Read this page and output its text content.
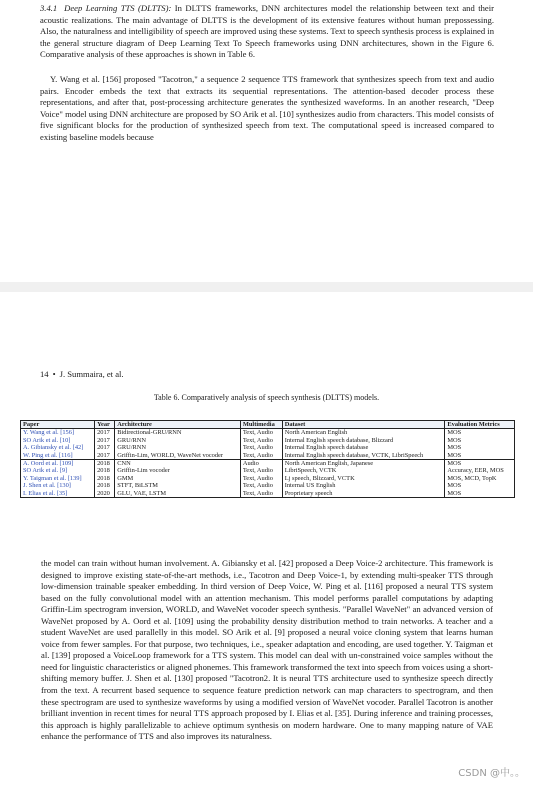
3.4.1 Deep Learning TTS (DLTTS): In DLTTS frameworks, DNN architectures model the relationship between text and their acoustic realizations. The main advantage of DLTTS is the development of its extensive features without human prepossessing. Also, the naturalness and intelligibility of speech are improved using these systems. Text to speech synthesis process is explained in the general structure diagram of Deep Learning Text To Speech frameworks using DNN architectures, shown in the Figure 6. Comparative analysis of these approaches is shown in Table 6.

Y. Wang et al. [156] proposed "Tacotron," a sequence 2 sequence TTS framework that synthesizes speech from text and audio pairs. Encoder embeds the text that extracts its sequential representations. The attention-based decoder process these representations, and after that, post-processing architecture generates the synthesized waveforms. In an another research, "Deep Voice" model using DNN architecture are proposed by SO Arik et al. [10] synthesizes audio from characters. This model consists of five significant blocks for the production of synthesized speech from text. The computational speed is increased compared to existing baseline models because

14 • J. Summaira, et al.
Table 6. Comparatively analysis of speech synthesis (DLTTS) models.
Paper	Year	Architecture	Multimedia	Dataset	Evaluation Metrics
Y. Wang et al. [156]	2017	Bidirectional-GRU/RNN	Text, Audio	North American English	MOS
SO Arik et al. [10]	2017	GRU/RNN	Text, Audio	Internal English speech database, Blizzard	MOS
A. Gibiansky et al. [42]	2017	GRU/RNN	Text, Audio	Internal English speech database	MOS
W. Ping et al. [116]	2017	Griffin-Lim, WORLD, WaveNet vocoder	Text, Audio	Internal English speech database, VCTK, LibriSpeech	MOS
A. Oord et al. [109]	2018	CNN	Audio	North American English, Japanese	MOS
SO Arik et al. [9]	2018	Griffin-Lim vocoder	Text, Audio	LibriSpeech, VCTK	Accuracy, EER, MOS
Y. Taigman et al. [139]	2018	GMM	Text, Audio	Lj speech, Blizzard, VCTK	MOS, MCD, TopK
J. Shen et al. [130]	2018	STFT, BiLSTM	Text, Audio	Internal US English	MOS
I. Elias et al. [35]	2020	GLU, VAE, LSTM	Text, Audio	Proprietary speech	MOS

the model can train without human involvement. A. Gibiansky et al. [42] proposed a Deep Voice-2 architecture. This framework is designed to improve existing state-of-the-art methods, i.e., Tacotron and Deep Voice-1, by extending multi-speaker TTS through low-dimension trainable speaker embedding. In third version of Deep Voice, W. Ping et al. [116] proposed a neural TTS system based on the fully convolutional model with an attention mechanism. This model performs parallel computations by adapting Griffin-Lim spectrogram inversion, WORLD, and WaveNet vocoder speech synthesis. "Parallel WaveNet" an advanced version of WaveNet proposed by A. Oord et al. [109] using the probability density distribution method to train networks. A teacher and a student WaveNet are used parallelly in this model. SO Arik et al. [9] proposed a neural voice cloning system that learns human voice from fewer samples. For that purpose, two techniques, i.e., speaker adaptation and encoding, are used together. Y. Taigman et al. [139] proposed a VoiceLoop framework for a TTS system. This model can deal with un-constrained voice samples without the need for linguistic characteristics or aligned phonemes. This framework transformed the text into speech from voices using a short-shifting memory buffer. J. Shen et al. [130] proposed "Tacotron2. It is neural TTS architecture used to synthesize speech directly from the text. A recurrent based sequence to sequence feature prediction network can map characters to spectrogram, and then these spectrogram are used to synthesize waveforms by using a modified version of WaveNet vocoder. Parallel Tacotron is another brilliant invention in recent times for neural TTS approach proposed by I. Elias et al. [35]. During inference and training processes, this approach is highly parallelizable to achieve optimum synthesis on modern hardware. One to many mapping nature of VAE enhance the performance of TTS and also improves its naturalness.

CSDN @中。。
